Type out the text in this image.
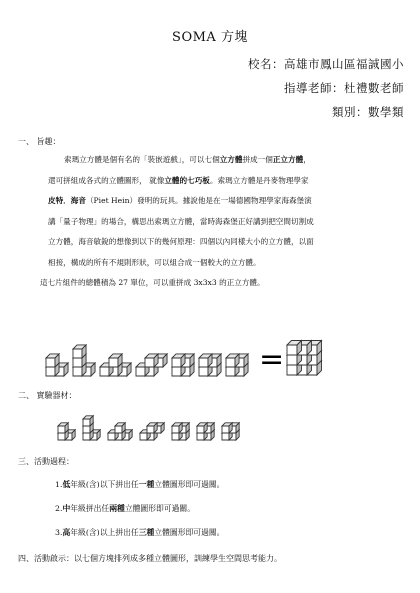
SOMA 方塊
校名：高雄市鳳山區福誠國小
指導老師：杜禮數老師
類別：數學類
一、 旨趣：

索瑪立方體是個有名的「裝嵌遊戲」，可以七個立方體拼成一個正立方體，

還可拼組成各式的立體圖形， 就像立體的七巧板。索瑪立方體是丹麥物理學家

皮特．海音（Piet Hein）發明的玩具。據說他是在一場德國物理學家海森堡演

講「量子物理」的場合，構思出索瑪立方體，當時海森堡正好講到把空間切割成

立方體，海音敏銳的想像到以下的幾何原理：四個以內同樣大小的立方體，以面

相接，構成的所有不規則形狀，可以組合成一個較大的立方體。

這七片組件的總體積為 27 單位，可以重拼成 3x3x3 的正立方體。

=
二、 實驗器材：
三、活動過程：
1.低年級(含)以下拼出任一種立體圖形即可過關。
2.中年級拼出任兩種立體圖形即可過關。
3.高年級(含)以上拼出任三種立體圖形即可過關。
四、活動啟示：以七個方塊排列成多種立體圖形，訓練學生空間思考能力。
